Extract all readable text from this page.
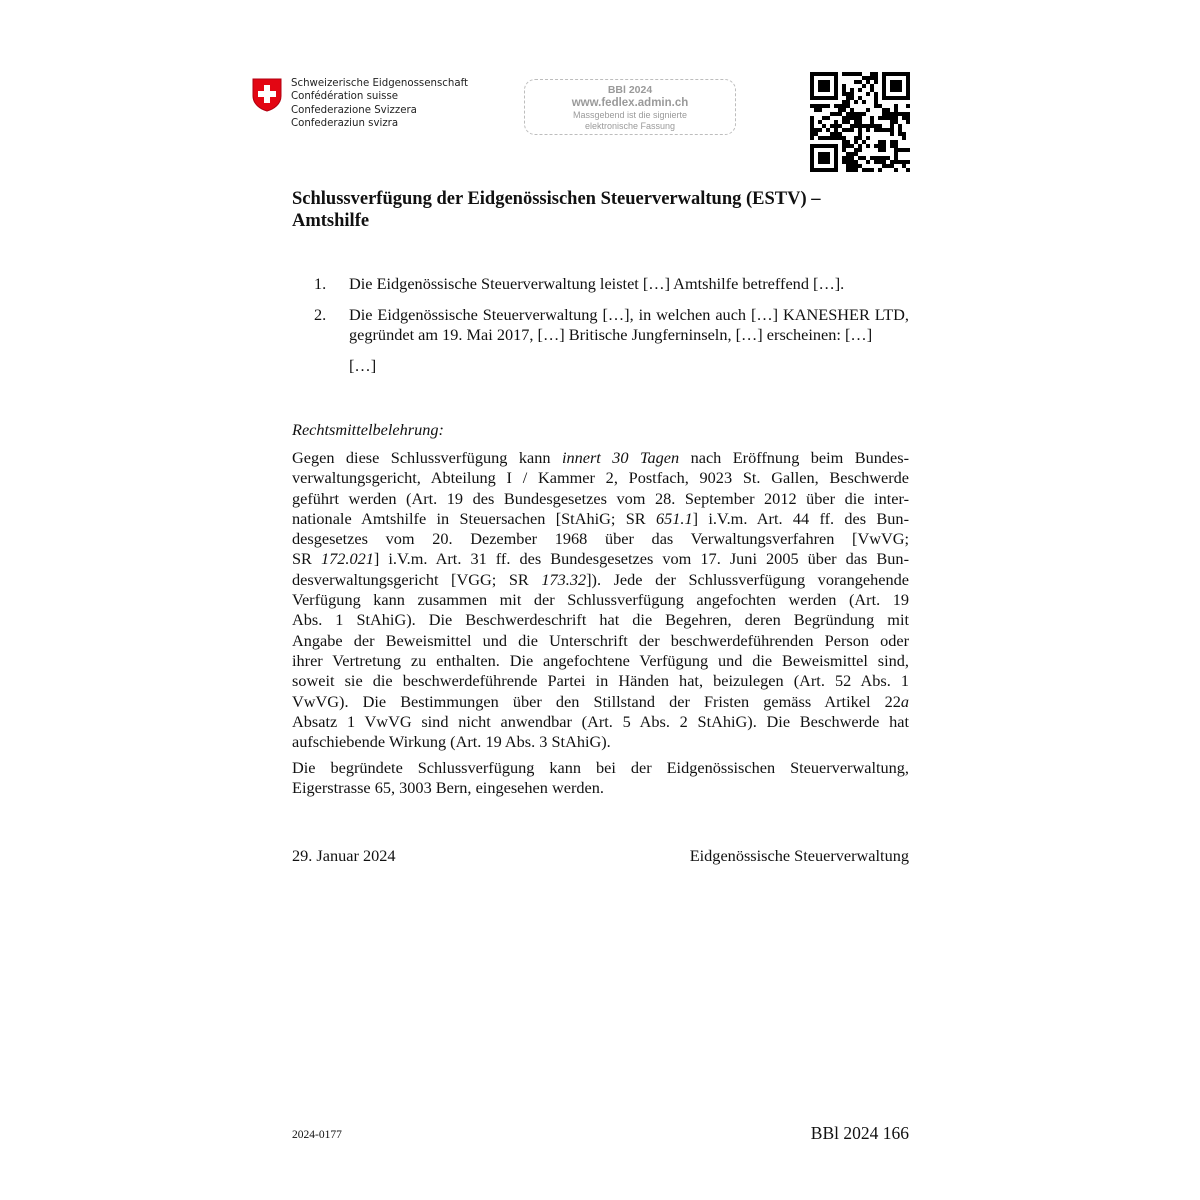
Schweizerische Eidgenossenschaft
Confédération suisse
Confederazione Svizzera
Confederaziun svizra
BBl 2024
www.fedlex.admin.ch
Massgebend ist die signierte
elektronische Fassung
Schlussverfügung der Eidgenössischen Steuerverwaltung (ESTV) –
Amtshilfe
1. Die Eidgenössische Steuerverwaltung leistet […] Amtshilfe betreffend […].
2. Die Eidgenössische Steuerverwaltung […], in welchen auch […] KANESHER LTD, gegründet am 19. Mai 2017, […] Britische Jungferninseln, […] erscheinen: […]
[…]
Rechtsmittelbelehrung:
Gegen diese Schlussverfügung kann innert 30 Tagen nach Eröffnung beim Bundes-
verwaltungsgericht, Abteilung I / Kammer 2, Postfach, 9023 St. Gallen, Beschwerde
geführt werden (Art. 19 des Bundesgesetzes vom 28. September 2012 über die inter-
nationale Amtshilfe in Steuersachen [StAhiG; SR 651.1] i.V.m. Art. 44 ff. des Bun-
desgesetzes vom 20. Dezember 1968 über das Verwaltungsverfahren [VwVG;
SR 172.021] i.V.m. Art. 31 ff. des Bundesgesetzes vom 17. Juni 2005 über das Bun-
desverwaltungsgericht [VGG; SR 173.32]). Jede der Schlussverfügung vorangehende
Verfügung kann zusammen mit der Schlussverfügung angefochten werden (Art. 19
Abs. 1 StAhiG). Die Beschwerdeschrift hat die Begehren, deren Begründung mit
Angabe der Beweismittel und die Unterschrift der beschwerdeführenden Person oder
ihrer Vertretung zu enthalten. Die angefochtene Verfügung und die Beweismittel sind,
soweit sie die beschwerdeführende Partei in Händen hat, beizulegen (Art. 52 Abs. 1
VwVG). Die Bestimmungen über den Stillstand der Fristen gemäss Artikel 22a
Absatz 1 VwVG sind nicht anwendbar (Art. 5 Abs. 2 StAhiG). Die Beschwerde hat
aufschiebende Wirkung (Art. 19 Abs. 3 StAhiG).
Die begründete Schlussverfügung kann bei der Eidgenössischen Steuerverwaltung,
Eigerstrasse 65, 3003 Bern, eingesehen werden.
29. Januar 2024	Eidgenössische Steuerverwaltung
2024-0177	BBl 2024 166
